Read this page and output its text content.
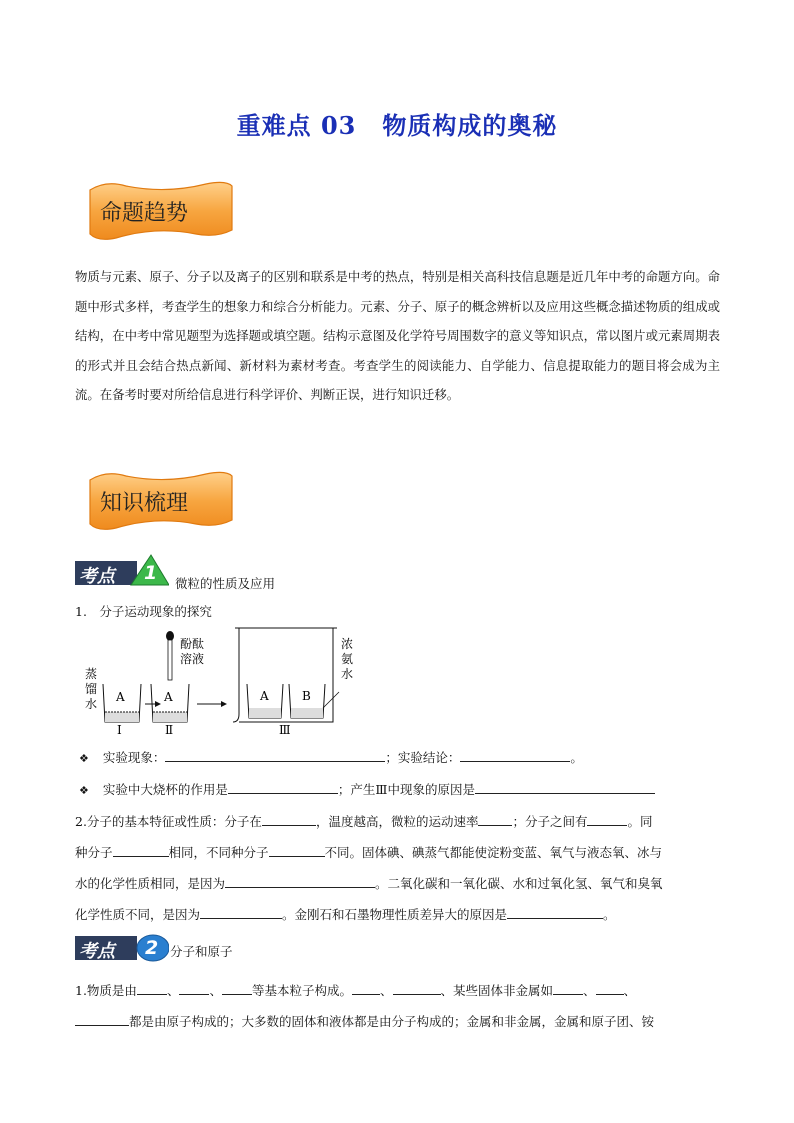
重难点 03 物质构成的奥秘
命题趋势
物质与元素、原子、分子以及离子的区别和联系是中考的热点，特别是相关高科技信息题是近几年中考的命题方向。命题中形式多样，考查学生的想象力和综合分析能力。元素、分子、原子的概念辨析以及应用这些概念描述物质的组成或结构，在中考中常见题型为选择题或填空题。结构示意图及化学符号周围数字的意义等知识点，常以图片或元素周期表的形式并且会结合热点新闻、新材料为素材考查。考查学生的阅读能力、自学能力、信息提取能力的题目将会成为主流。在备考时要对所给信息进行科学评价、判断正误，进行知识迁移。
知识梳理
考点 1 微粒的性质及应用
1.　分子运动现象的探究
蒸
馏
水 A
Ⅰ
A
Ⅱ
酚酞
溶液
A	B
Ⅲ
浓
氨
水
❖ 实验现象：	；实验结论：	。
❖ 实验中大烧杯的作用是	；产生Ⅲ中现象的原因是
2.分子的基本特征或性质：分子在	，温度越高，微粒的运动速率	；分子之间有	。同
种分子	相同，不同种分子	不同。固体碘、碘蒸气都能使淀粉变蓝、氧气与液态氧、冰与
水的化学性质相同，是因为	。二氧化碳和一氧化碳、水和过氧化氢、氧气和臭氧
化学性质不同，是因为	。金刚石和石墨物理性质差异大的原因是	。
考点 2 分子和原子
1.物质是由 、 、 等基本粒子构成。 、	、某些固体非金属如 、 、
都是由原子构成的；大多数的固体和液体都是由分子构成的；金属和非金属，金属和原子团、铵
